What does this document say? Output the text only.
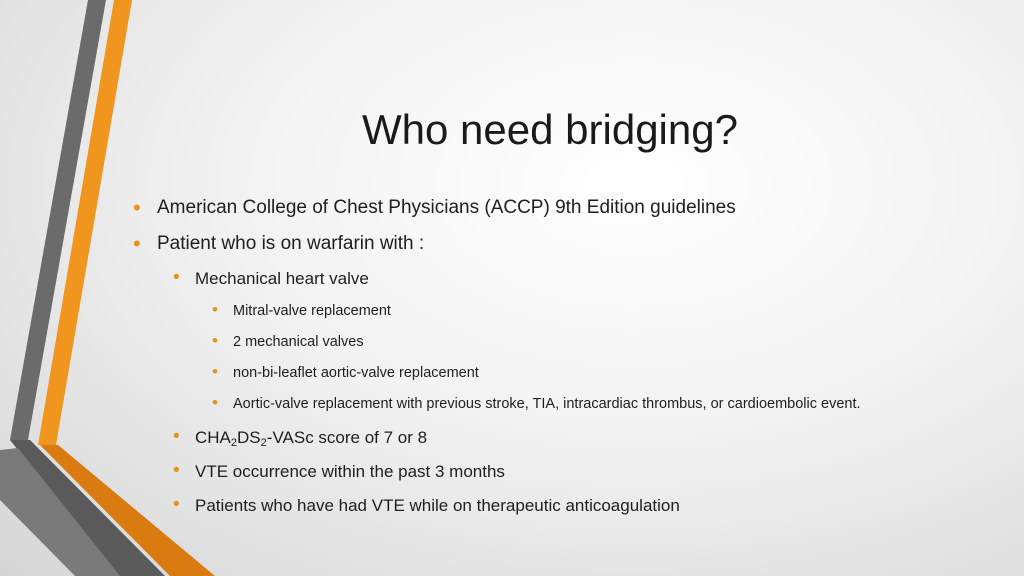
Who need bridging?
• American College of Chest Physicians (ACCP) 9th Edition guidelines
• Patient who is on warfarin with :
• Mechanical heart valve
• Mitral-valve replacement
• 2 mechanical valves
• non-bi-leaflet aortic-valve replacement
• Aortic-valve replacement with previous stroke, TIA, intracardiac thrombus, or cardioembolic event.
• $CHA_2DS_2$-VASc score of 7 or 8
• VTE occurrence within the past 3 months
• Patients who have had VTE while on therapeutic anticoagulation
